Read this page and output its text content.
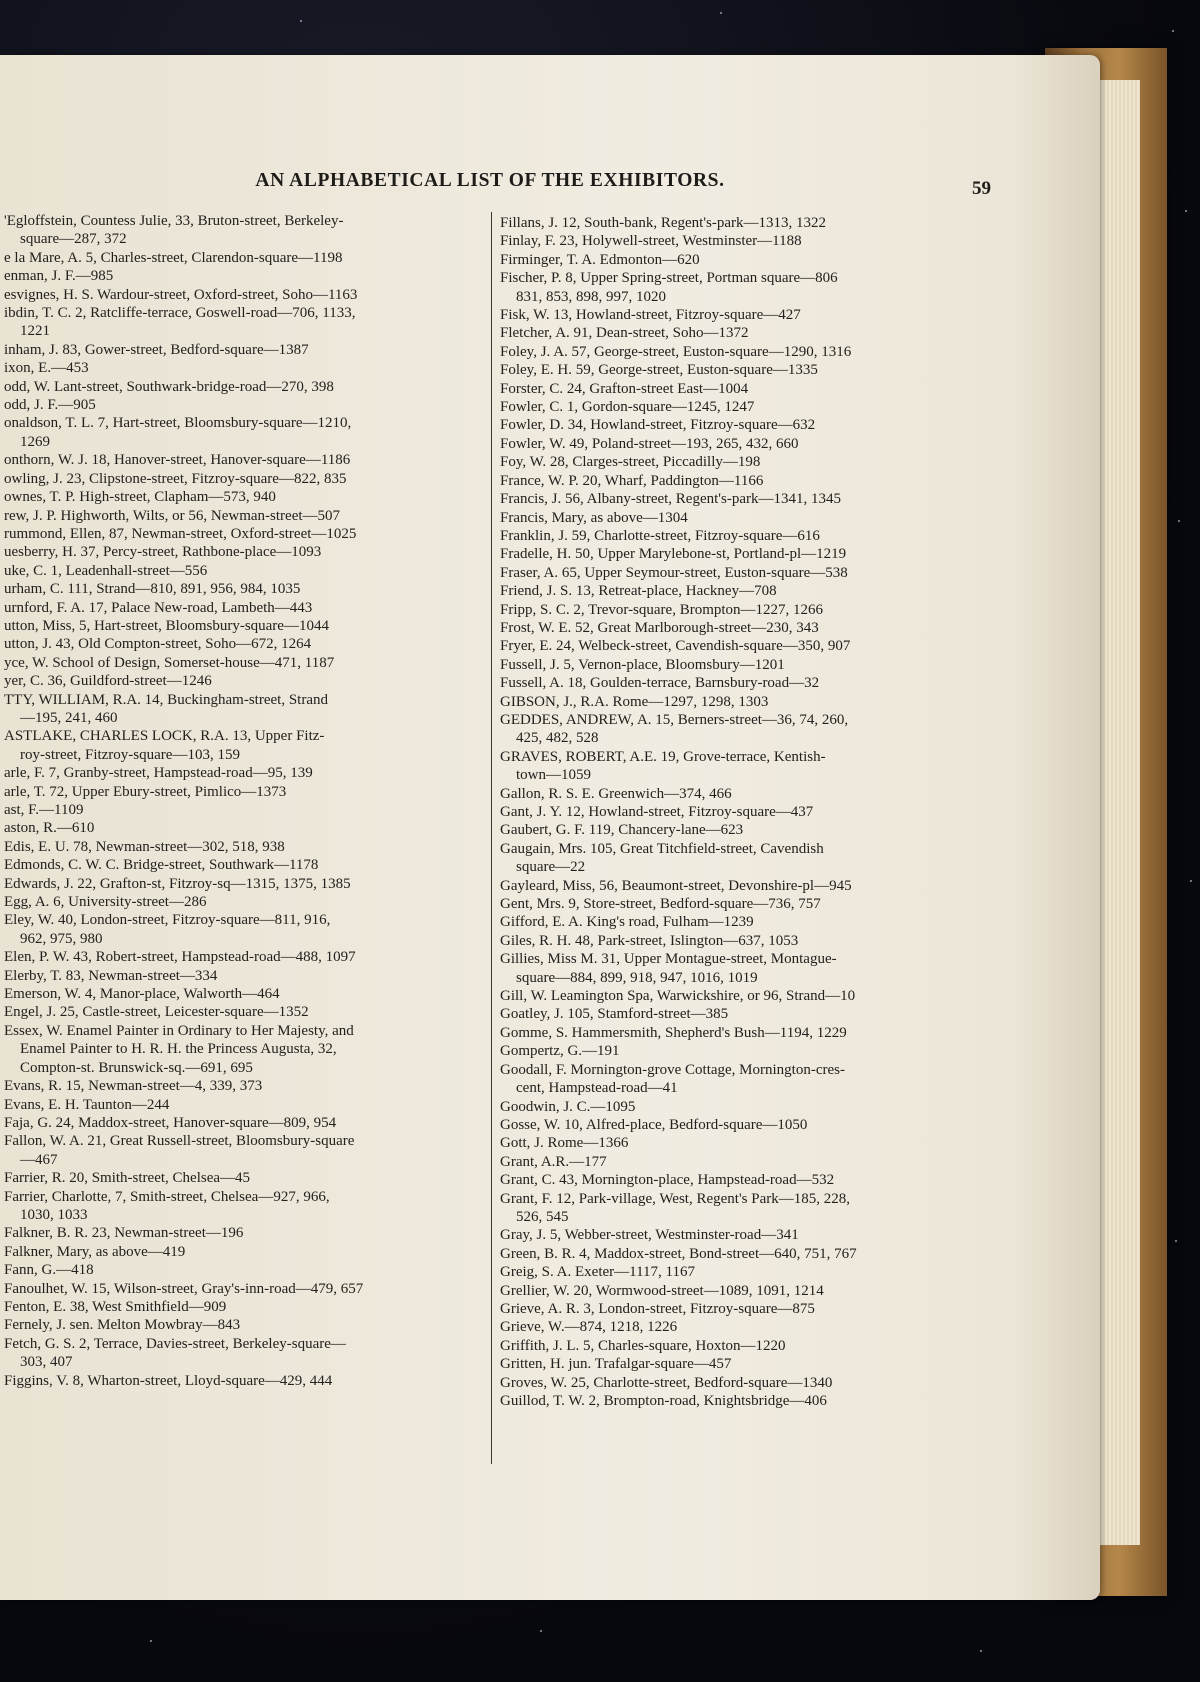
AN ALPHABETICAL LIST OF THE EXHIBITORS.	59
'Egloffstein, Countess Julie, 33, Bruton-street, Berkeley-
square—287, 372
e la Mare, A. 5, Charles-street, Clarendon-square—1198
enman, J. F.—985
esvignes, H. S. Wardour-street, Oxford-street, Soho—1163
ibdin, T. C. 2, Ratcliffe-terrace, Goswell-road—706, 1133,
1221
inham, J. 83, Gower-street, Bedford-square—1387
ixon, E.—453
odd, W. Lant-street, Southwark-bridge-road—270, 398
odd, J. F.—905
onaldson, T. L. 7, Hart-street, Bloomsbury-square—1210,
1269
onthorn, W. J. 18, Hanover-street, Hanover-square—1186
owling, J. 23, Clipstone-street, Fitzroy-square—822, 835
ownes, T. P. High-street, Clapham—573, 940
rew, J. P. Highworth, Wilts, or 56, Newman-street—507
rummond, Ellen, 87, Newman-street, Oxford-street—1025
uesberry, H. 37, Percy-street, Rathbone-place—1093
uke, C. 1, Leadenhall-street—556
urham, C. 111, Strand—810, 891, 956, 984, 1035
urnford, F. A. 17, Palace New-road, Lambeth—443
utton, Miss, 5, Hart-street, Bloomsbury-square—1044
utton, J. 43, Old Compton-street, Soho—672, 1264
yce, W. School of Design, Somerset-house—471, 1187
yer, C. 36, Guildford-street—1246
TTY, WILLIAM, R.A. 14, Buckingham-street, Strand
—195, 241, 460
ASTLAKE, CHARLES LOCK, R.A. 13, Upper Fitz-
roy-street, Fitzroy-square—103, 159
arle, F. 7, Granby-street, Hampstead-road—95, 139
arle, T. 72, Upper Ebury-street, Pimlico—1373
ast, F.—1109
aston, R.—610
Edis, E. U. 78, Newman-street—302, 518, 938
Edmonds, C. W. C. Bridge-street, Southwark—1178
Edwards, J. 22, Grafton-st, Fitzroy-sq—1315, 1375, 1385
Egg, A. 6, University-street—286
Eley, W. 40, London-street, Fitzroy-square—811, 916,
962, 975, 980
Elen, P. W. 43, Robert-street, Hampstead-road—488, 1097
Elerby, T. 83, Newman-street—334
Emerson, W. 4, Manor-place, Walworth—464
Engel, J. 25, Castle-street, Leicester-square—1352
Essex, W. Enamel Painter in Ordinary to Her Majesty, and
Enamel Painter to H. R. H. the Princess Augusta, 32,
Compton-st. Brunswick-sq.—691, 695
Evans, R. 15, Newman-street—4, 339, 373
Evans, E. H. Taunton—244
Faja, G. 24, Maddox-street, Hanover-square—809, 954
Fallon, W. A. 21, Great Russell-street, Bloomsbury-square
—467
Farrier, R. 20, Smith-street, Chelsea—45
Farrier, Charlotte, 7, Smith-street, Chelsea—927, 966,
1030, 1033
Falkner, B. R. 23, Newman-street—196
Falkner, Mary, as above—419
Fann, G.—418
Fanoulhet, W. 15, Wilson-street, Gray's-inn-road—479, 657
Fenton, E. 38, West Smithfield—909
Fernely, J. sen. Melton Mowbray—843
Fetch, G. S. 2, Terrace, Davies-street, Berkeley-square—
303, 407
Figgins, V. 8, Wharton-street, Lloyd-square—429, 444
Fillans, J. 12, South-bank, Regent's-park—1313, 1322
Finlay, F. 23, Holywell-street, Westminster—1188
Firminger, T. A. Edmonton—620
Fischer, P. 8, Upper Spring-street, Portman square—806
831, 853, 898, 997, 1020
Fisk, W. 13, Howland-street, Fitzroy-square—427
Fletcher, A. 91, Dean-street, Soho—1372
Foley, J. A. 57, George-street, Euston-square—1290, 1316
Foley, E. H. 59, George-street, Euston-square—1335
Forster, C. 24, Grafton-street East—1004
Fowler, C. 1, Gordon-square—1245, 1247
Fowler, D. 34, Howland-street, Fitzroy-square—632
Fowler, W. 49, Poland-street—193, 265, 432, 660
Foy, W. 28, Clarges-street, Piccadilly—198
France, W. P. 20, Wharf, Paddington—1166
Francis, J. 56, Albany-street, Regent's-park—1341, 1345
Francis, Mary, as above—1304
Franklin, J. 59, Charlotte-street, Fitzroy-square—616
Fradelle, H. 50, Upper Marylebone-st, Portland-pl—1219
Fraser, A. 65, Upper Seymour-street, Euston-square—538
Friend, J. S. 13, Retreat-place, Hackney—708
Fripp, S. C. 2, Trevor-square, Brompton—1227, 1266
Frost, W. E. 52, Great Marlborough-street—230, 343
Fryer, E. 24, Welbeck-street, Cavendish-square—350, 907
Fussell, J. 5, Vernon-place, Bloomsbury—1201
Fussell, A. 18, Goulden-terrace, Barnsbury-road—32
GIBSON, J., R.A. Rome—1297, 1298, 1303
GEDDES, ANDREW, A. 15, Berners-street—36, 74, 260,
425, 482, 528
GRAVES, ROBERT, A.E. 19, Grove-terrace, Kentish-
town—1059
Gallon, R. S. E. Greenwich—374, 466
Gant, J. Y. 12, Howland-street, Fitzroy-square—437
Gaubert, G. F. 119, Chancery-lane—623
Gaugain, Mrs. 105, Great Titchfield-street, Cavendish
square—22
Gayleard, Miss, 56, Beaumont-street, Devonshire-pl—945
Gent, Mrs. 9, Store-street, Bedford-square—736, 757
Gifford, E. A. King's road, Fulham—1239
Giles, R. H. 48, Park-street, Islington—637, 1053
Gillies, Miss M. 31, Upper Montague-street, Montague-
square—884, 899, 918, 947, 1016, 1019
Gill, W. Leamington Spa, Warwickshire, or 96, Strand—10
Goatley, J. 105, Stamford-street—385
Gomme, S. Hammersmith, Shepherd's Bush—1194, 1229
Gompertz, G.—191
Goodall, F. Mornington-grove Cottage, Mornington-cres-
cent, Hampstead-road—41
Goodwin, J. C.—1095
Gosse, W. 10, Alfred-place, Bedford-square—1050
Gott, J. Rome—1366
Grant, A.R.—177
Grant, C. 43, Mornington-place, Hampstead-road—532
Grant, F. 12, Park-village, West, Regent's Park—185, 228,
526, 545
Gray, J. 5, Webber-street, Westminster-road—341
Green, B. R. 4, Maddox-street, Bond-street—640, 751, 767
Greig, S. A. Exeter—1117, 1167
Grellier, W. 20, Wormwood-street—1089, 1091, 1214
Grieve, A. R. 3, London-street, Fitzroy-square—875
Grieve, W.—874, 1218, 1226
Griffith, J. L. 5, Charles-square, Hoxton—1220
Gritten, H. jun. Trafalgar-square—457
Groves, W. 25, Charlotte-street, Bedford-square—1340
Guillod, T. W. 2, Brompton-road, Knightsbridge—406
